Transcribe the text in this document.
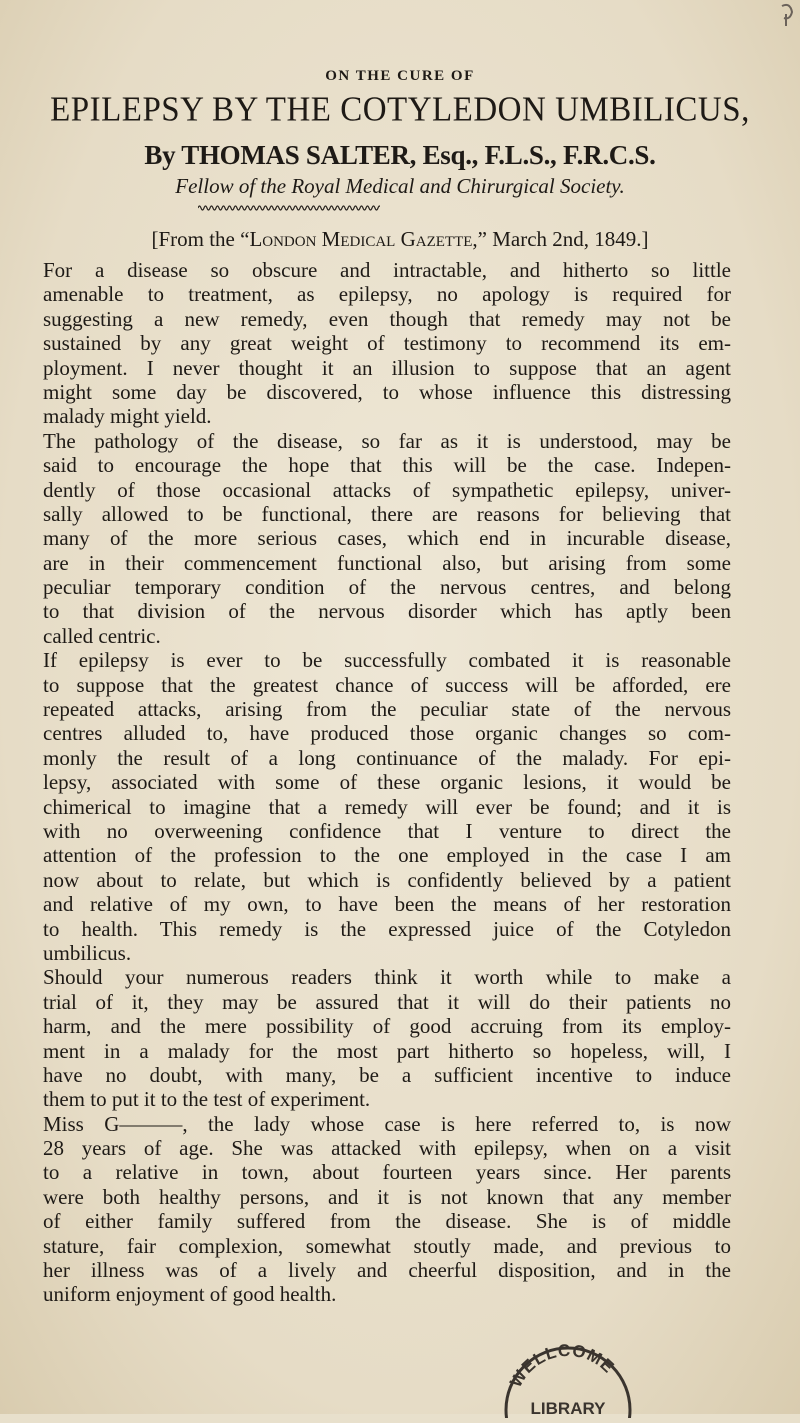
ON THE CURE OF
EPILEPSY BY THE COTYLEDON UMBILICUS,
By THOMAS SALTER, Esq., F.L.S., F.R.C.S.
Fellow of the Royal Medical and Chirurgical Society.
[From the “London Medical Gazette,” March 2nd, 1849.]
For a disease so obscure and intractable, and hitherto so little
amenable to treatment, as epilepsy, no apology is required for
suggesting a new remedy, even though that remedy may not be
sustained by any great weight of testimony to recommend its em-
ployment. I never thought it an illusion to suppose that an agent
might some day be discovered, to whose influence this distressing
malady might yield.
The pathology of the disease, so far as it is understood, may be
said to encourage the hope that this will be the case. Indepen-
dently of those occasional attacks of sympathetic epilepsy, univer-
sally allowed to be functional, there are reasons for believing that
many of the more serious cases, which end in incurable disease,
are in their commencement functional also, but arising from some
peculiar temporary condition of the nervous centres, and belong
to that division of the nervous disorder which has aptly been
called centric.
If epilepsy is ever to be successfully combated it is reasonable
to suppose that the greatest chance of success will be afforded, ere
repeated attacks, arising from the peculiar state of the nervous
centres alluded to, have produced those organic changes so com-
monly the result of a long continuance of the malady. For epi-
lepsy, associated with some of these organic lesions, it would be
chimerical to imagine that a remedy will ever be found; and it is
with no overweening confidence that I venture to direct the
attention of the profession to the one employed in the case I am
now about to relate, but which is confidently believed by a patient
and relative of my own, to have been the means of her restoration
to health. This remedy is the expressed juice of the Cotyledon
umbilicus.
Should your numerous readers think it worth while to make a
trial of it, they may be assured that it will do their patients no
harm, and the mere possibility of good accruing from its employ-
ment in a malady for the most part hitherto so hopeless, will, I
have no doubt, with many, be a sufficient incentive to induce
them to put it to the test of experiment.
Miss G———, the lady whose case is here referred to, is now
28 years of age. She was attacked with epilepsy, when on a visit
to a relative in town, about fourteen years since. Her parents
were both healthy persons, and it is not known that any member
of either family suffered from the disease. She is of middle
stature, fair complexion, somewhat stoutly made, and previous to
her illness was of a lively and cheerful disposition, and in the
uniform enjoyment of good health.
WELLCOME
LIBRARY
